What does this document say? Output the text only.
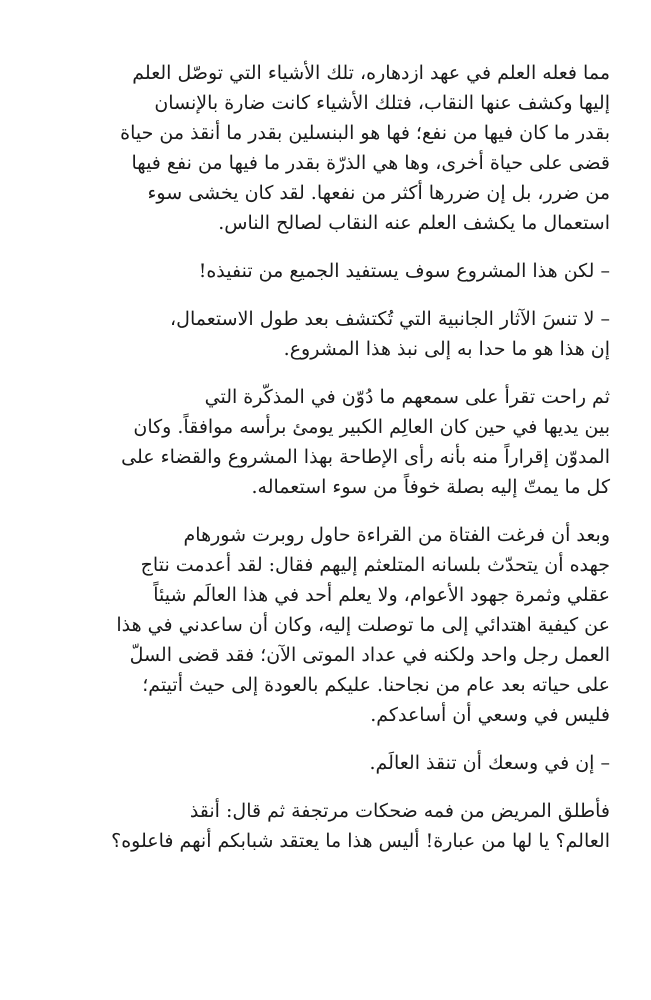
مما فعله العلم في عهد ازدهاره، تلك الأشياء التي توصّل العلم
إليها وكشف عنها النقاب، فتلك الأشياء كانت ضارة بالإنسان
بقدر ما كان فيها من نفع؛ فها هو البنسلين بقدر ما أنقذ من حياة
قضى على حياة أخرى، وها هي الذرّة بقدر ما فيها من نفع فيها
من ضرر، بل إن ضررها أكثر من نفعها. لقد كان يخشى سوء
استعمال ما يكشف العلم عنه النقاب لصالح الناس.

– لكن هذا المشروع سوف يستفيد الجميع من تنفيذه!

– لا تنسَ الآثار الجانبية التي تُكتشف بعد طول الاستعمال،
إن هذا هو ما حدا به إلى نبذ هذا المشروع.

ثم راحت تقرأ على سمعهم ما دُوّن في المذكّرة التي
بين يديها في حين كان العالِم الكبير يومئ برأسه موافقاً. وكان
المدوّن إقراراً منه بأنه رأى الإطاحة بهذا المشروع والقضاء على
كل ما يمتّ إليه بصلة خوفاً من سوء استعماله.

وبعد أن فرغت الفتاة من القراءة حاول روبرت شورهام
جهده أن يتحدّث بلسانه المتلعثم إليهم فقال: لقد أعدمت نتاج
عقلي وثمرة جهود الأعوام، ولا يعلم أحد في هذا العالَم شيئاً
عن كيفية اهتدائي إلى ما توصلت إليه، وكان أن ساعدني في هذا
العمل رجل واحد ولكنه في عداد الموتى الآن؛ فقد قضى السلّ
على حياته بعد عام من نجاحنا. عليكم بالعودة إلى حيث أتيتم؛
فليس في وسعي أن أساعدكم.

– إن في وسعك أن تنقذ العالَم.

فأطلق المريض من فمه ضحكات مرتجفة ثم قال: أنقذ
العالم؟ يا لها من عبارة! أليس هذا ما يعتقد شبابكم أنهم فاعلوه؟
